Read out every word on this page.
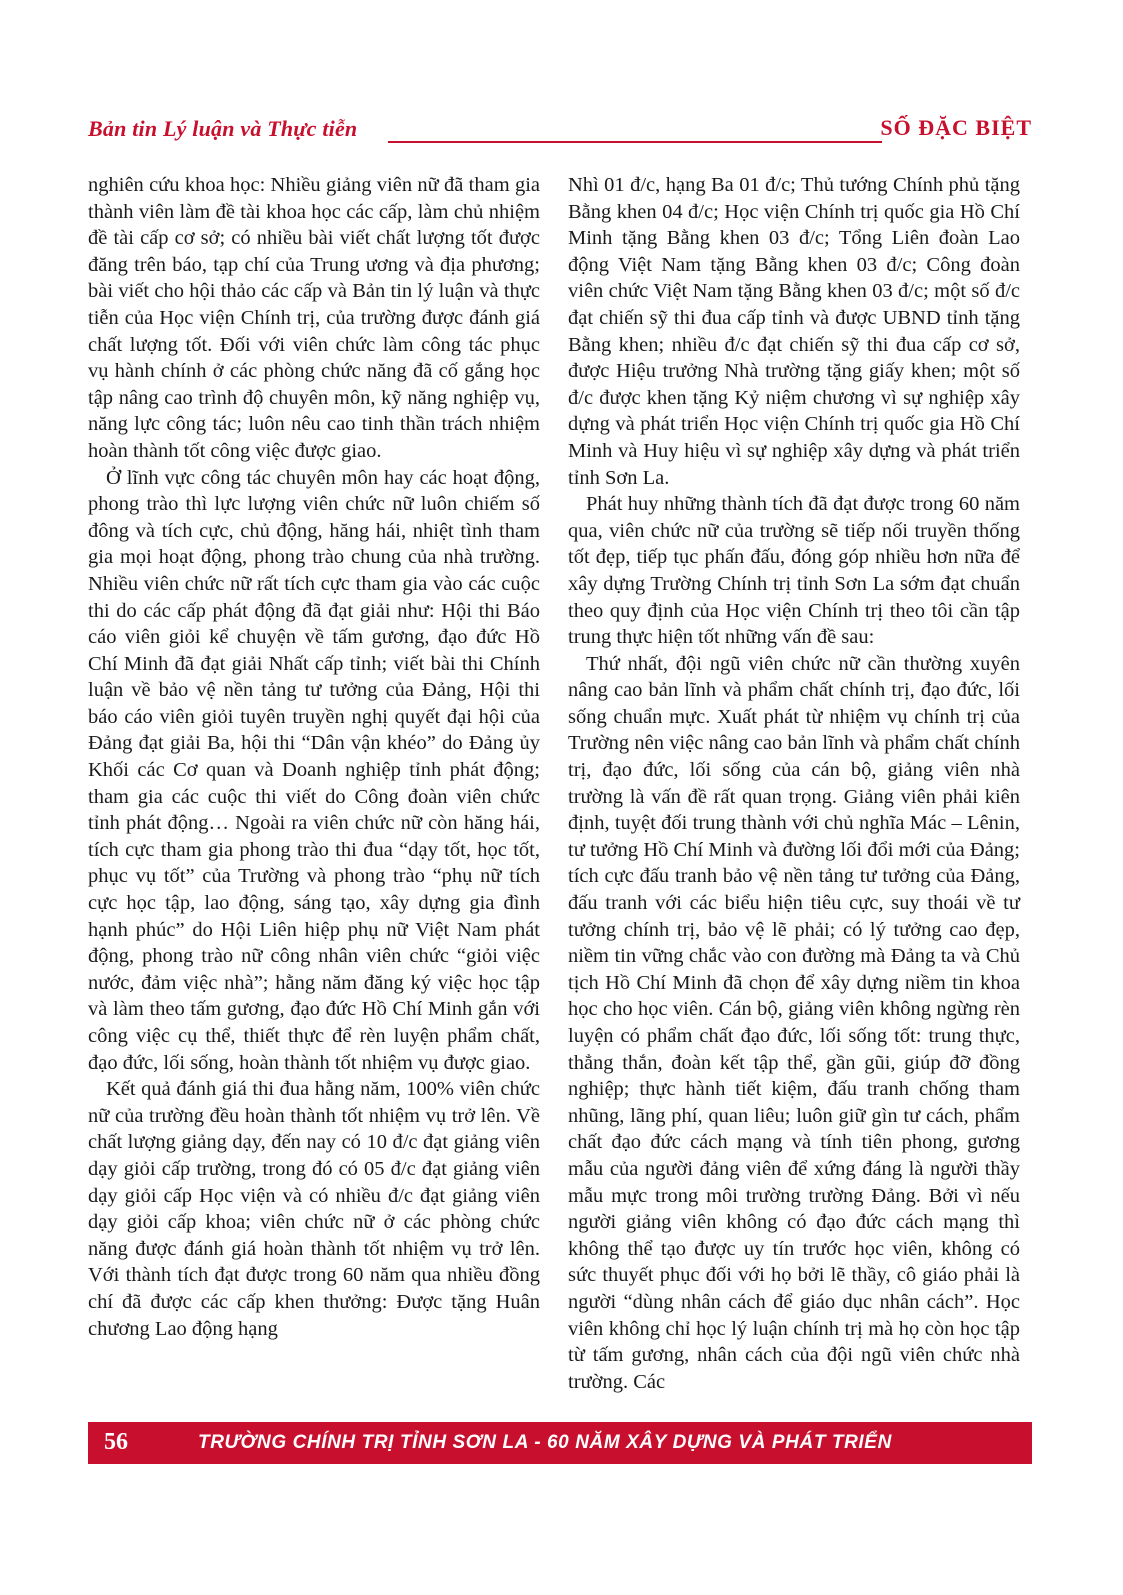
Bản tin Lý luận và Thực tiễn	SỐ ĐẶC BIỆT

nghiên cứu khoa học: Nhiều giảng viên nữ đã tham gia thành viên làm đề tài khoa học các cấp, làm chủ nhiệm đề tài cấp cơ sở; có nhiều bài viết chất lượng tốt được đăng trên báo, tạp chí của Trung ương và địa phương; bài viết cho hội thảo các cấp và Bản tin lý luận và thực tiễn của Học viện Chính trị, của trường được đánh giá chất lượng tốt. Đối với viên chức làm công tác phục vụ hành chính ở các phòng chức năng đã cố gắng học tập nâng cao trình độ chuyên môn, kỹ năng nghiệp vụ, năng lực công tác; luôn nêu cao tinh thần trách nhiệm hoàn thành tốt công việc được giao.

Ở lĩnh vực công tác chuyên môn hay các hoạt động, phong trào thì lực lượng viên chức nữ luôn chiếm số đông và tích cực, chủ động, hăng hái, nhiệt tình tham gia mọi hoạt động, phong trào chung của nhà trường. Nhiều viên chức nữ rất tích cực tham gia vào các cuộc thi do các cấp phát động đã đạt giải như: Hội thi Báo cáo viên giỏi kể chuyện về tấm gương, đạo đức Hồ Chí Minh đã đạt giải Nhất cấp tỉnh; viết bài thi Chính luận về bảo vệ nền tảng tư tưởng của Đảng, Hội thi báo cáo viên giỏi tuyên truyền nghị quyết đại hội của Đảng đạt giải Ba, hội thi “Dân vận khéo” do Đảng ủy Khối các Cơ quan và Doanh nghiệp tỉnh phát động; tham gia các cuộc thi viết do Công đoàn viên chức tỉnh phát động… Ngoài ra viên chức nữ còn hăng hái, tích cực tham gia phong trào thi đua “dạy tốt, học tốt, phục vụ tốt” của Trường và phong trào “phụ nữ tích cực học tập, lao động, sáng tạo, xây dựng gia đình hạnh phúc” do Hội Liên hiệp phụ nữ Việt Nam phát động, phong trào nữ công nhân viên chức “giỏi việc nước, đảm việc nhà”; hằng năm đăng ký việc học tập và làm theo tấm gương, đạo đức Hồ Chí Minh gắn với công việc cụ thể, thiết thực để rèn luyện phẩm chất, đạo đức, lối sống, hoàn thành tốt nhiệm vụ được giao.

Kết quả đánh giá thi đua hằng năm, 100% viên chức nữ của trường đều hoàn thành tốt nhiệm vụ trở lên. Về chất lượng giảng dạy, đến nay có 10 đ/c đạt giảng viên dạy giỏi cấp trường, trong đó có 05 đ/c đạt giảng viên dạy giỏi cấp Học viện và có nhiều đ/c đạt giảng viên dạy giỏi cấp khoa; viên chức nữ ở các phòng chức năng được đánh giá hoàn thành tốt nhiệm vụ trở lên. Với thành tích đạt được trong 60 năm qua nhiều đồng chí đã được các cấp khen thưởng: Được tặng Huân chương Lao động hạng

Nhì 01 đ/c, hạng Ba 01 đ/c; Thủ tướng Chính phủ tặng Bằng khen 04 đ/c; Học viện Chính trị quốc gia Hồ Chí Minh tặng Bằng khen 03 đ/c; Tổng Liên đoàn Lao động Việt Nam tặng Bằng khen 03 đ/c; Công đoàn viên chức Việt Nam tặng Bằng khen 03 đ/c; một số đ/c đạt chiến sỹ thi đua cấp tỉnh và được UBND tỉnh tặng Bằng khen; nhiều đ/c đạt chiến sỹ thi đua cấp cơ sở, được Hiệu trưởng Nhà trường tặng giấy khen; một số đ/c được khen tặng Kỷ niệm chương vì sự nghiệp xây dựng và phát triển Học viện Chính trị quốc gia Hồ Chí Minh và Huy hiệu vì sự nghiệp xây dựng và phát triển tỉnh Sơn La.

Phát huy những thành tích đã đạt được trong 60 năm qua, viên chức nữ của trường sẽ tiếp nối truyền thống tốt đẹp, tiếp tục phấn đấu, đóng góp nhiều hơn nữa để xây dựng Trường Chính trị tỉnh Sơn La sớm đạt chuẩn theo quy định của Học viện Chính trị theo tôi cần tập trung thực hiện tốt những vấn đề sau:

Thứ nhất, đội ngũ viên chức nữ cần thường xuyên nâng cao bản lĩnh và phẩm chất chính trị, đạo đức, lối sống chuẩn mực. Xuất phát từ nhiệm vụ chính trị của Trường nên việc nâng cao bản lĩnh và phẩm chất chính trị, đạo đức, lối sống của cán bộ, giảng viên nhà trường là vấn đề rất quan trọng. Giảng viên phải kiên định, tuyệt đối trung thành với chủ nghĩa Mác – Lênin, tư tưởng Hồ Chí Minh và đường lối đổi mới của Đảng; tích cực đấu tranh bảo vệ nền tảng tư tưởng của Đảng, đấu tranh với các biểu hiện tiêu cực, suy thoái về tư tưởng chính trị, bảo vệ lẽ phải; có lý tưởng cao đẹp, niềm tin vững chắc vào con đường mà Đảng ta và Chủ tịch Hồ Chí Minh đã chọn để xây dựng niềm tin khoa học cho học viên. Cán bộ, giảng viên không ngừng rèn luyện có phẩm chất đạo đức, lối sống tốt: trung thực, thẳng thắn, đoàn kết tập thể, gần gũi, giúp đỡ đồng nghiệp; thực hành tiết kiệm, đấu tranh chống tham nhũng, lãng phí, quan liêu; luôn giữ gìn tư cách, phẩm chất đạo đức cách mạng và tính tiên phong, gương mẫu của người đảng viên để xứng đáng là người thầy mẫu mực trong môi trường trường Đảng. Bởi vì nếu người giảng viên không có đạo đức cách mạng thì không thể tạo được uy tín trước học viên, không có sức thuyết phục đối với họ bởi lẽ thầy, cô giáo phải là người “dùng nhân cách để giáo dục nhân cách”. Học viên không chỉ học lý luận chính trị mà họ còn học tập từ tấm gương, nhân cách của đội ngũ viên chức nhà trường. Các

56	TRƯỜNG CHÍNH TRỊ TỈNH SƠN LA - 60 NĂM XÂY DỰNG VÀ PHÁT TRIỂN
